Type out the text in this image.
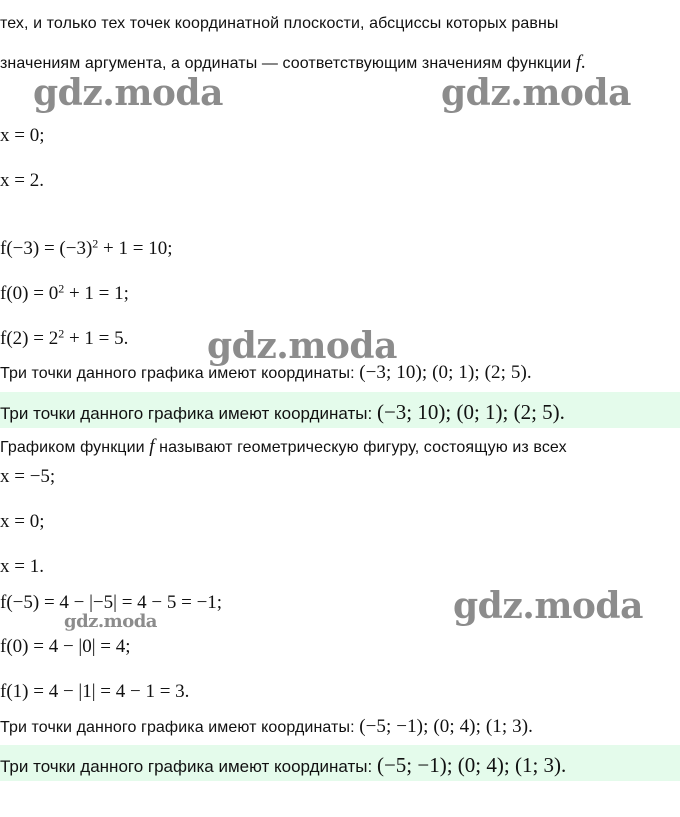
тех, и только тех точек координатной плоскости, абсциссы которых равны
значениям аргумента, а ординаты — соответствующим значениям функции f.
gdz.moda	gdz.moda
gdz.moda
gdz.moda
gdz.moda
x = 0;
x = 2.
$f(-3) = (-3)^2 + 1 = 10$;
$f(0) = 0^2 + 1 = 1$;
$f(2) = 2^2 + 1 = 5$.
Три точки данного графика имеют координаты: (−3; 10); (0; 1); (2; 5).
Три точки данного графика имеют координаты: (−3; 10); (0; 1); (2; 5).
Графиком функции f называют геометрическую фигуру, состоящую из всех
x = −5;
x = 0;
x = 1.
f(−5) = 4 − |−5| = 4 − 5 = −1;
f(0) = 4 − |0| = 4;
f(1) = 4 − |1| = 4 − 1 = 3.
Три точки данного графика имеют координаты: (−5; −1); (0; 4); (1; 3).
Три точки данного графика имеют координаты: (−5; −1); (0; 4); (1; 3).
